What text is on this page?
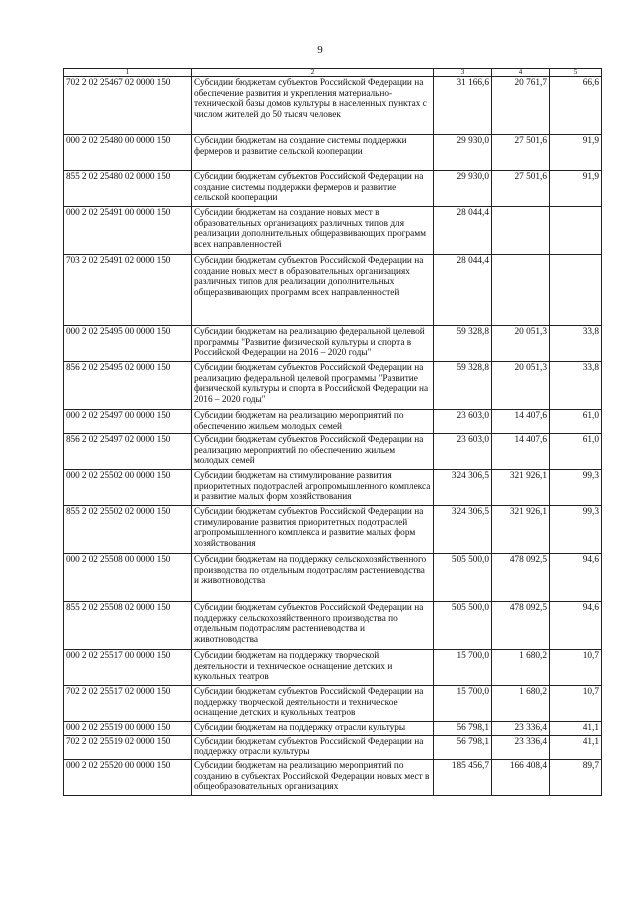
9
1	2	3	4	5
702 2 02 25467 02 0000 150	Субсидии бюджетам субъектов Российской Федерации на обеспечение развития и укрепления материально-технической базы домов культуры в населенных пунктах с числом жителей до 50 тысяч человек	31 166,6	20 761,7	66,6
000 2 02 25480 00 0000 150	Субсидии бюджетам на создание системы поддержки фермеров и развитие сельской кооперации	29 930,0	27 501,6	91,9
855 2 02 25480 02 0000 150	Субсидии бюджетам субъектов Российской Федерации на создание системы поддержки фермеров и развитие сельской кооперации	29 930,0	27 501,6	91,9
000 2 02 25491 00 0000 150	Субсидии бюджетам на создание новых мест в образовательных организациях различных типов для реализации дополнительных общеразвивающих программ всех направленностей	28 044,4		
703 2 02 25491 02 0000 150	Субсидии бюджетам субъектов Российской Федерации на создание новых мест в образовательных организациях различных типов для реализации дополнительных общеразвивающих программ всех направленностей	28 044,4		
000 2 02 25495 00 0000 150	Субсидии бюджетам на реализацию федеральной целевой программы "Развитие физической культуры и спорта в Российской Федерации на 2016 – 2020 годы"	59 328,8	20 051,3	33,8
856 2 02 25495 02 0000 150	Субсидии бюджетам субъектов Российской Федерации на реализацию федеральной целевой программы "Развитие физической культуры и спорта в Российской Федерации на 2016 – 2020 годы"	59 328,8	20 051,3	33,8
000 2 02 25497 00 0000 150	Субсидии бюджетам на реализацию мероприятий по обеспечению жильем молодых семей	23 603,0	14 407,6	61,0
856 2 02 25497 02 0000 150	Субсидии бюджетам субъектов Российской Федерации на реализацию мероприятий по обеспечению жильем молодых семей	23 603,0	14 407,6	61,0
000 2 02 25502 00 0000 150	Субсидии бюджетам на стимулирование развития приоритетных подотраслей агропромышленного комплекса и развитие малых форм хозяйствования	324 306,5	321 926,1	99,3
855 2 02 25502 02 0000 150	Субсидии бюджетам субъектов Российской Федерации на стимулирование развития приоритетных подотраслей агропромышленного комплекса и развитие малых форм хозяйствования	324 306,5	321 926,1	99,3
000 2 02 25508 00 0000 150	Субсидии бюджетам на поддержку сельскохозяйственного производства по отдельным подотраслям растениеводства и животноводства	505 500,0	478 092,5	94,6
855 2 02 25508 02 0000 150	Субсидии бюджетам субъектов Российской Федерации на поддержку сельскохозяйственного производства по отдельным подотраслям растениеводства и животноводства	505 500,0	478 092,5	94,6
000 2 02 25517 00 0000 150	Субсидии бюджетам на поддержку творческой деятельности и техническое оснащение детских и кукольных театров	15 700,0	1 680,2	10,7
702 2 02 25517 02 0000 150	Субсидии бюджетам субъектов Российской Федерации на поддержку творческой деятельности и техническое оснащение детских и кукольных театров	15 700,0	1 680,2	10,7
000 2 02 25519 00 0000 150	Субсидии бюджетам на поддержку отрасли культуры	56 798,1	23 336,4	41,1
702 2 02 25519 02 0000 150	Субсидии бюджетам субъектов Российской Федерации на поддержку отрасли культуры	56 798,1	23 336,4	41,1
000 2 02 25520 00 0000 150	Субсидии бюджетам на реализацию мероприятий по созданию в субъектах Российской Федерации новых мест в общеобразовательных организациях	185 456,7	166 408,4	89,7
